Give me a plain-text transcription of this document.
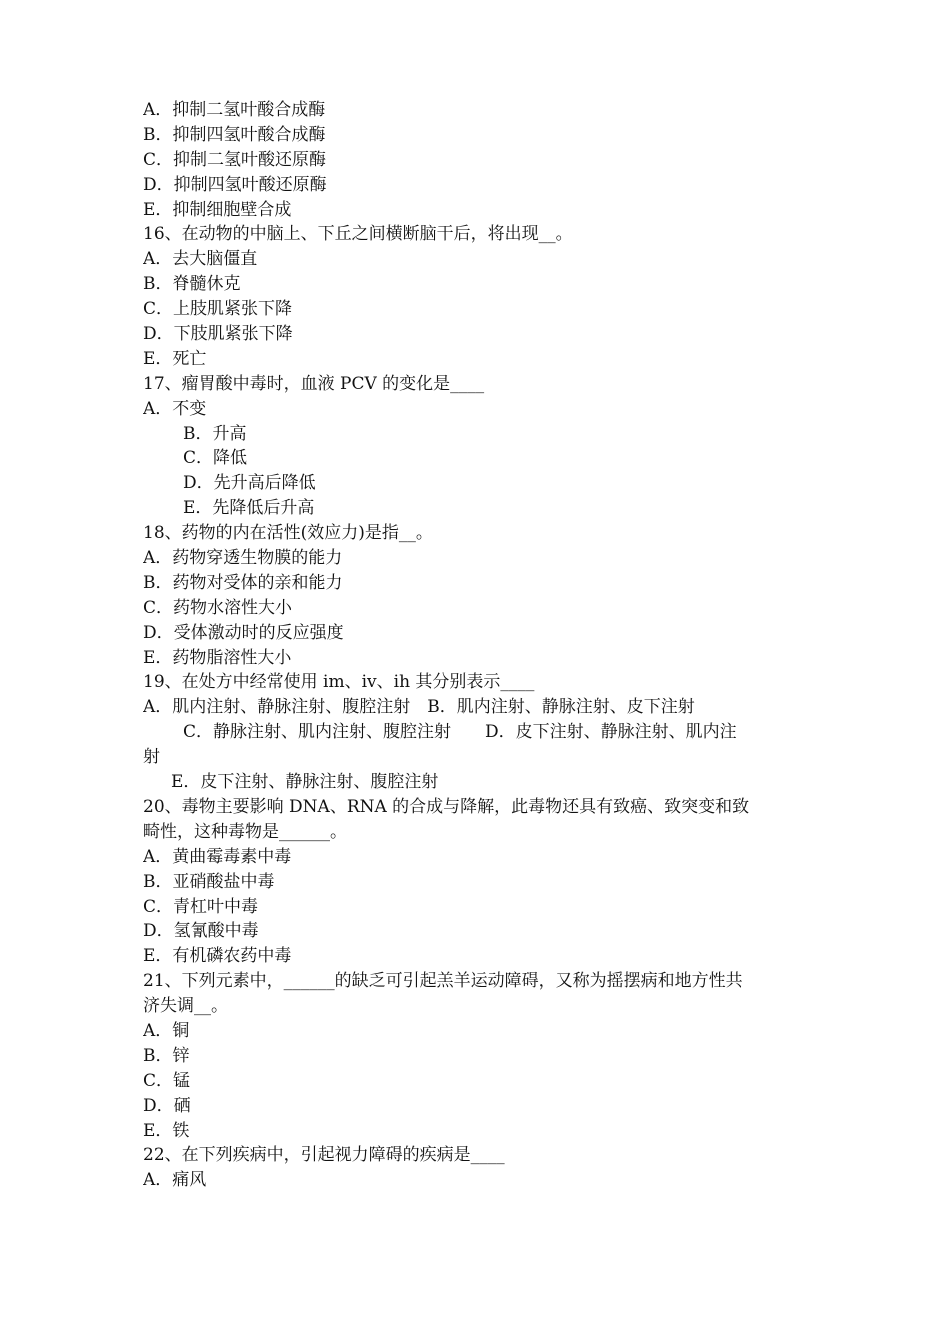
A．抑制二氢叶酸合成酶
B．抑制四氢叶酸合成酶
C．抑制二氢叶酸还原酶
D．抑制四氢叶酸还原酶
E．抑制细胞壁合成
16、在动物的中脑上、下丘之间横断脑干后，将出现__。
A．去大脑僵直
B．脊髓休克
C．上肢肌紧张下降
D．下肢肌紧张下降
E．死亡
17、瘤胃酸中毒时，血液 PCV 的变化是____
A．不变
B．升高
C．降低
D．先升高后降低
E．先降低后升高
18、药物的内在活性(效应力)是指__。
A．药物穿透生物膜的能力
B．药物对受体的亲和能力
C．药物水溶性大小
D．受体激动时的反应强度
E．药物脂溶性大小
19、在处方中经常使用 im、iv、ih 其分别表示____
A．肌内注射、静脉注射、腹腔注射　B．肌内注射、静脉注射、皮下注射
C．静脉注射、肌内注射、腹腔注射　　D．皮下注射、静脉注射、肌内注
射
E．皮下注射、静脉注射、腹腔注射
20、毒物主要影响 DNA、RNA 的合成与降解，此毒物还具有致癌、致突变和致
畸性，这种毒物是______。
A．黄曲霉毒素中毒
B．亚硝酸盐中毒
C．青杠叶中毒
D．氢氰酸中毒
E．有机磷农药中毒
21、下列元素中，______的缺乏可引起羔羊运动障碍，又称为摇摆病和地方性共
济失调__。
A．铜
B．锌
C．锰
D．硒
E．铁
22、在下列疾病中，引起视力障碍的疾病是____
A．痛风
